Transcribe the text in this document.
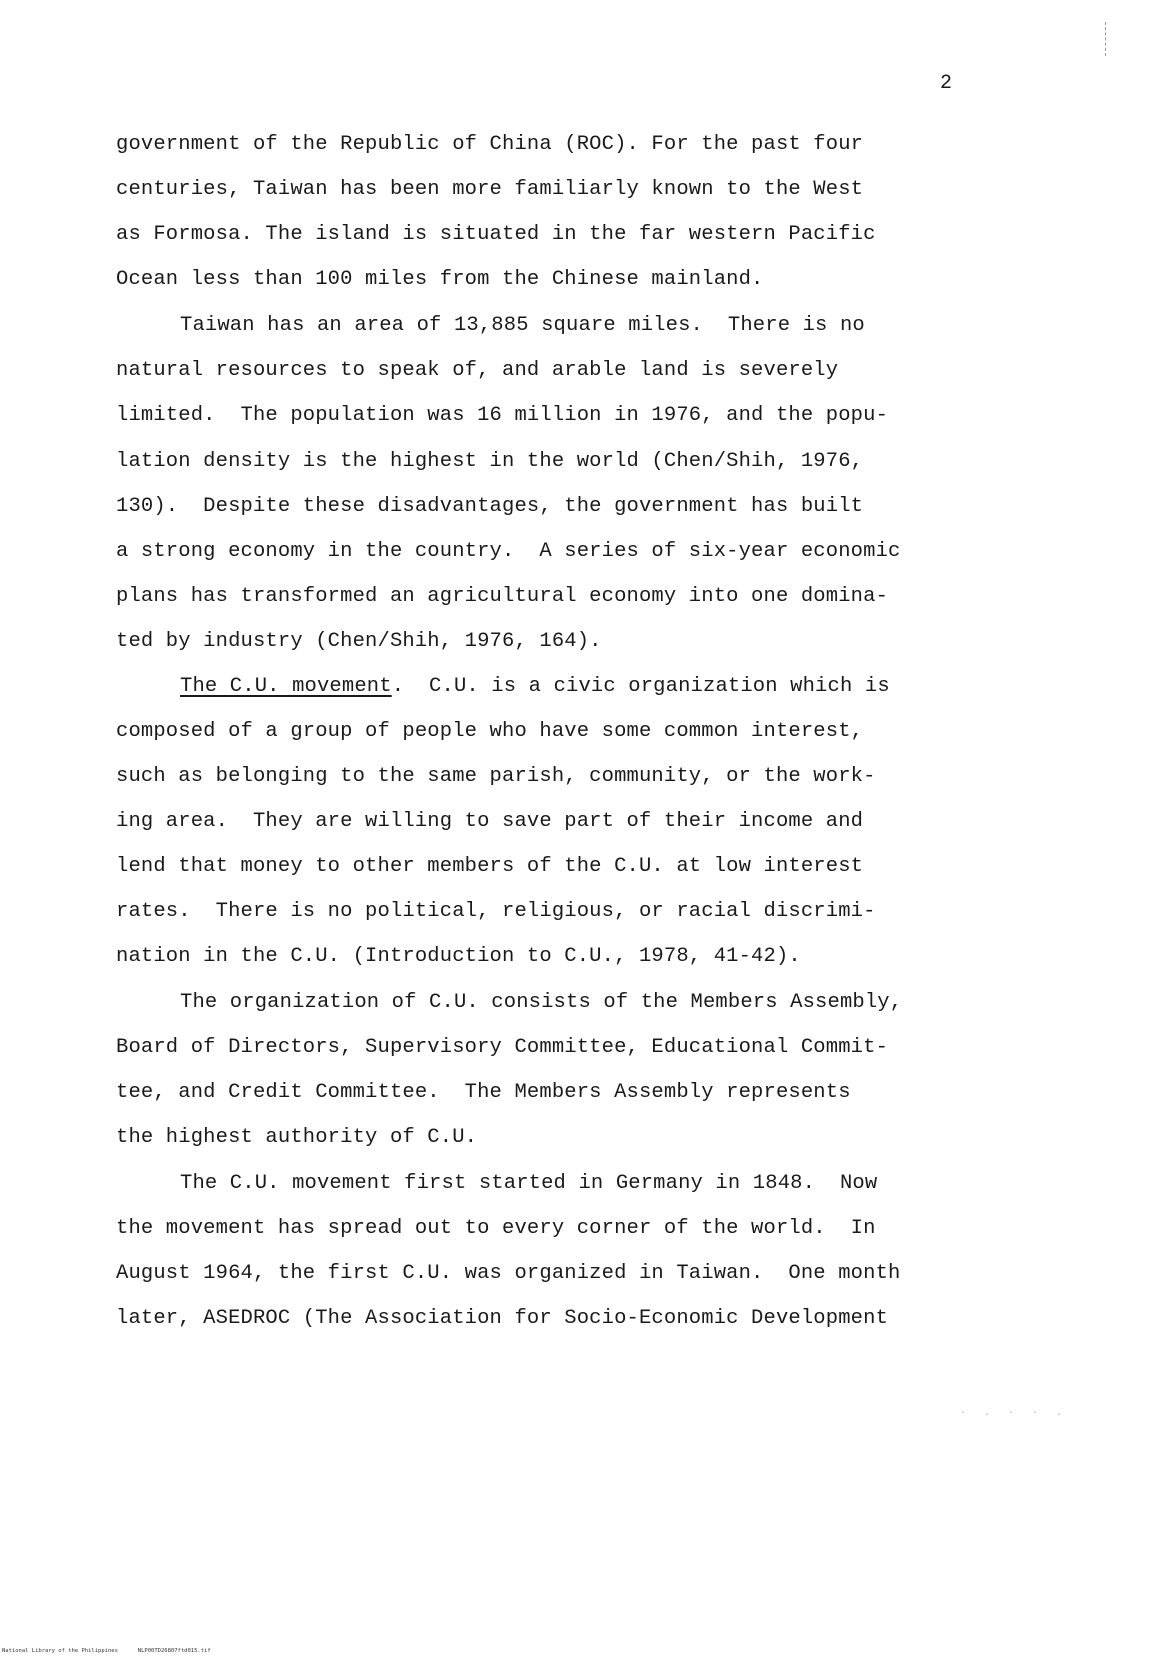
2
government of the Republic of China (ROC). For the past four
centuries, Taiwan has been more familiarly known to the West
as Formosa. The island is situated in the far western Pacific
Ocean less than 100 miles from the Chinese mainland.
Taiwan has an area of 13,885 square miles.  There is no
natural resources to speak of, and arable land is severely
limited.  The population was 16 million in 1976, and the popu-
lation density is the highest in the world (Chen/Shih, 1976,
130).  Despite these disadvantages, the government has built
a strong economy in the country.  A series of six-year economic
plans has transformed an agricultural economy into one domina-
ted by industry (Chen/Shih, 1976, 164).
The C.U. movement.  C.U. is a civic organization which is
composed of a group of people who have some common interest,
such as belonging to the same parish, community, or the work-
ing area.  They are willing to save part of their income and
lend that money to other members of the C.U. at low interest
rates.  There is no political, religious, or racial discrimi-
nation in the C.U. (Introduction to C.U., 1978, 41-42).
The organization of C.U. consists of the Members Assembly,
Board of Directors, Supervisory Committee, Educational Commit-
tee, and Credit Committee.  The Members Assembly represents
the highest authority of C.U.
The C.U. movement first started in Germany in 1848.  Now
the movement has spread out to every corner of the world.  In
August 1964, the first C.U. was organized in Taiwan.  One month
later, ASEDROC (The Association for Socio-Economic Development
· . · · .
National Library of the Philippines	NLP00TD26807ftd015.tif
